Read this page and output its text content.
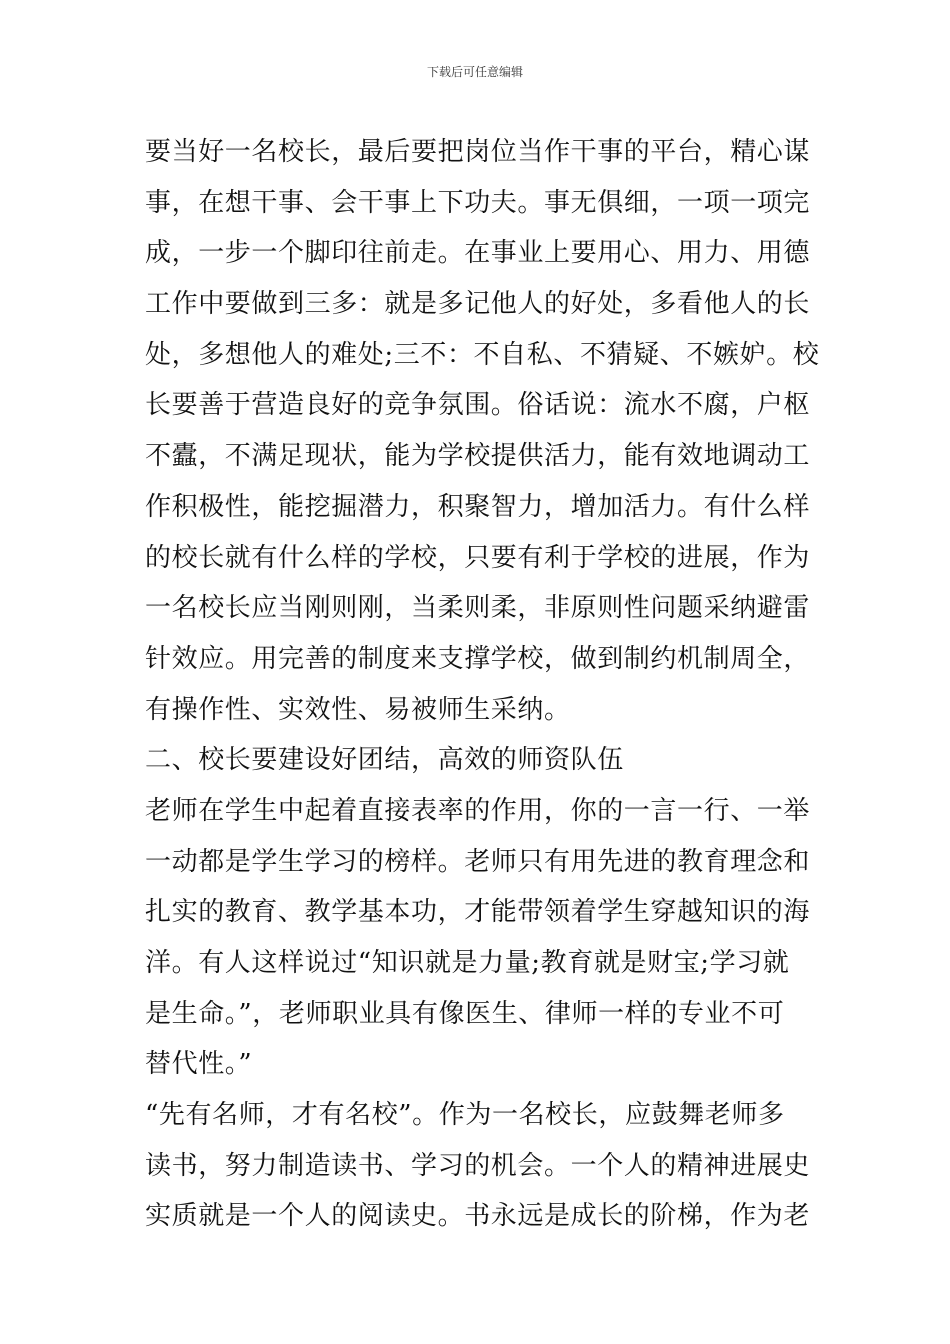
下载后可任意编辑
要当好一名校长，最后要把岗位当作干事的平台，精心谋
事，在想干事、会干事上下功夫。事无俱细，一项一项完
成，一步一个脚印往前走。在事业上要用心、用力、用德
工作中要做到三多：就是多记他人的好处，多看他人的长
处，多想他人的难处;三不：不自私、不猜疑、不嫉妒。校
长要善于营造良好的竞争氛围。俗话说：流水不腐，户枢
不蠹，不满足现状，能为学校提供活力，能有效地调动工
作积极性，能挖掘潜力，积聚智力，增加活力。有什么样
的校长就有什么样的学校，只要有利于学校的进展，作为
一名校长应当刚则刚，当柔则柔，非原则性问题采纳避雷
针效应。用完善的制度来支撑学校，做到制约机制周全，
有操作性、实效性、易被师生采纳。
二、校长要建设好团结，高效的师资队伍
老师在学生中起着直接表率的作用，你的一言一行、一举
一动都是学生学习的榜样。老师只有用先进的教育理念和
扎实的教育、教学基本功，才能带领着学生穿越知识的海
洋。有人这样说过“知识就是力量;教育就是财宝;学习就
是生命。”，老师职业具有像医生、律师一样的专业不可
替代性。”
“先有名师，才有名校”。作为一名校长，应鼓舞老师多
读书，努力制造读书、学习的机会。一个人的精神进展史
实质就是一个人的阅读史。书永远是成长的阶梯，作为老
